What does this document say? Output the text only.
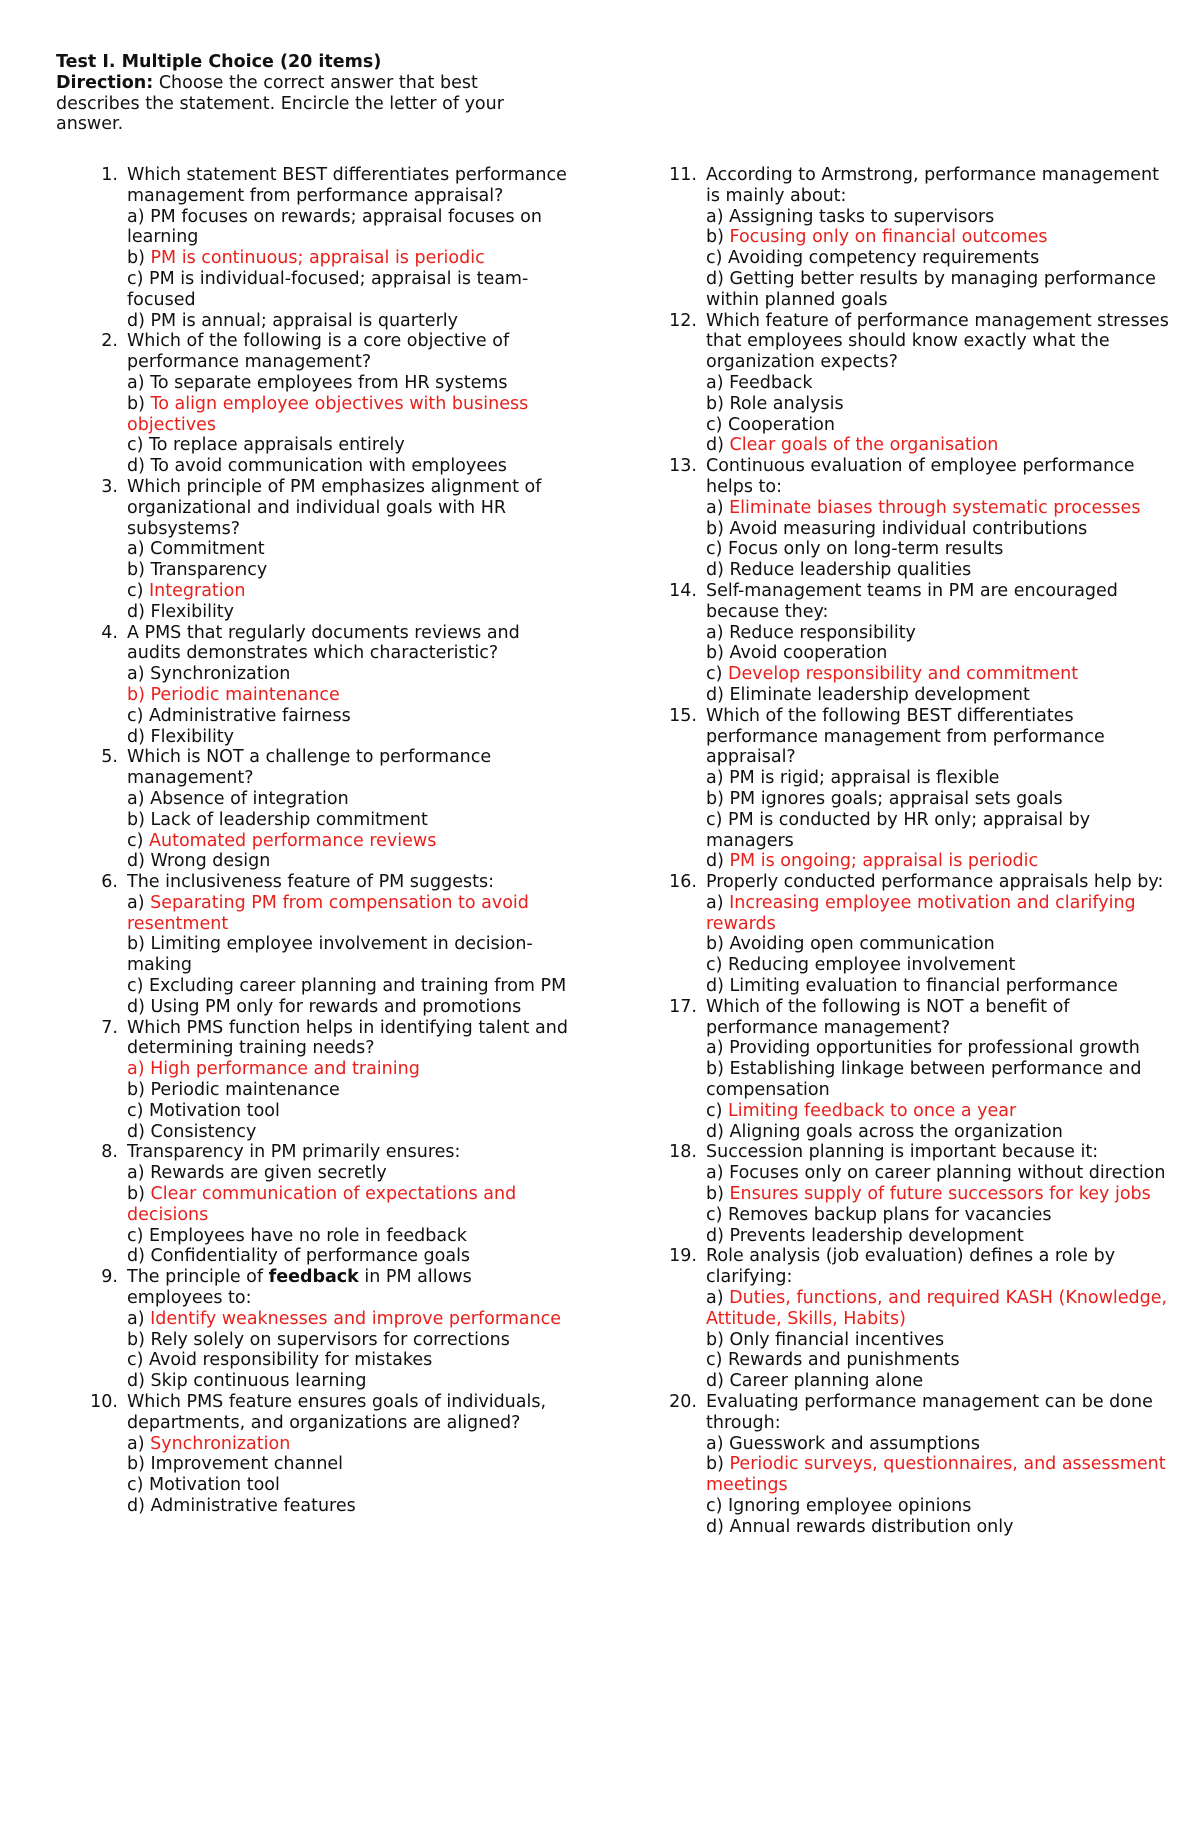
Test I. Multiple Choice (20 items)
Direction: Choose the correct answer that best describes the statement. Encircle the letter of your answer.
1. Which statement BEST differentiates performance management from performance appraisal?
a) PM focuses on rewards; appraisal focuses on learning
b) PM is continuous; appraisal is periodic
c) PM is individual-focused; appraisal is team-focused
d) PM is annual; appraisal is quarterly
2. Which of the following is a core objective of performance management?
a) To separate employees from HR systems
b) To align employee objectives with business objectives
c) To replace appraisals entirely
d) To avoid communication with employees
3. Which principle of PM emphasizes alignment of organizational and individual goals with HR subsystems?
a) Commitment
b) Transparency
c) Integration
d) Flexibility
4. A PMS that regularly documents reviews and audits demonstrates which characteristic?
a) Synchronization
b) Periodic maintenance
c) Administrative fairness
d) Flexibility
5. Which is NOT a challenge to performance management?
a) Absence of integration
b) Lack of leadership commitment
c) Automated performance reviews
d) Wrong design
6. The inclusiveness feature of PM suggests:
a) Separating PM from compensation to avoid resentment
b) Limiting employee involvement in decision-making
c) Excluding career planning and training from PM
d) Using PM only for rewards and promotions
7. Which PMS function helps in identifying talent and determining training needs?
a) High performance and training
b) Periodic maintenance
c) Motivation tool
d) Consistency
8. Transparency in PM primarily ensures:
a) Rewards are given secretly
b) Clear communication of expectations and decisions
c) Employees have no role in feedback
d) Confidentiality of performance goals
9. The principle of feedback in PM allows employees to:
a) Identify weaknesses and improve performance
b) Rely solely on supervisors for corrections
c) Avoid responsibility for mistakes
d) Skip continuous learning
10. Which PMS feature ensures goals of individuals, departments, and organizations are aligned?
a) Synchronization
b) Improvement channel
c) Motivation tool
d) Administrative features
11. According to Armstrong, performance management is mainly about:
a) Assigning tasks to supervisors
b) Focusing only on financial outcomes
c) Avoiding competency requirements
d) Getting better results by managing performance within planned goals
12. Which feature of performance management stresses that employees should know exactly what the organization expects?
a) Feedback
b) Role analysis
c) Cooperation
d) Clear goals of the organisation
13. Continuous evaluation of employee performance helps to:
a) Eliminate biases through systematic processes
b) Avoid measuring individual contributions
c) Focus only on long-term results
d) Reduce leadership qualities
14. Self-management teams in PM are encouraged because they:
a) Reduce responsibility
b) Avoid cooperation
c) Develop responsibility and commitment
d) Eliminate leadership development
15. Which of the following BEST differentiates performance management from performance appraisal?
a) PM is rigid; appraisal is flexible
b) PM ignores goals; appraisal sets goals
c) PM is conducted by HR only; appraisal by managers
d) PM is ongoing; appraisal is periodic
16. Properly conducted performance appraisals help by:
a) Increasing employee motivation and clarifying rewards
b) Avoiding open communication
c) Reducing employee involvement
d) Limiting evaluation to financial performance
17. Which of the following is NOT a benefit of performance management?
a) Providing opportunities for professional growth
b) Establishing linkage between performance and compensation
c) Limiting feedback to once a year
d) Aligning goals across the organization
18. Succession planning is important because it:
a) Focuses only on career planning without direction
b) Ensures supply of future successors for key jobs
c) Removes backup plans for vacancies
d) Prevents leadership development
19. Role analysis (job evaluation) defines a role by clarifying:
a) Duties, functions, and required KASH (Knowledge, Attitude, Skills, Habits)
b) Only financial incentives
c) Rewards and punishments
d) Career planning alone
20. Evaluating performance management can be done through:
a) Guesswork and assumptions
b) Periodic surveys, questionnaires, and assessment meetings
c) Ignoring employee opinions
d) Annual rewards distribution only
